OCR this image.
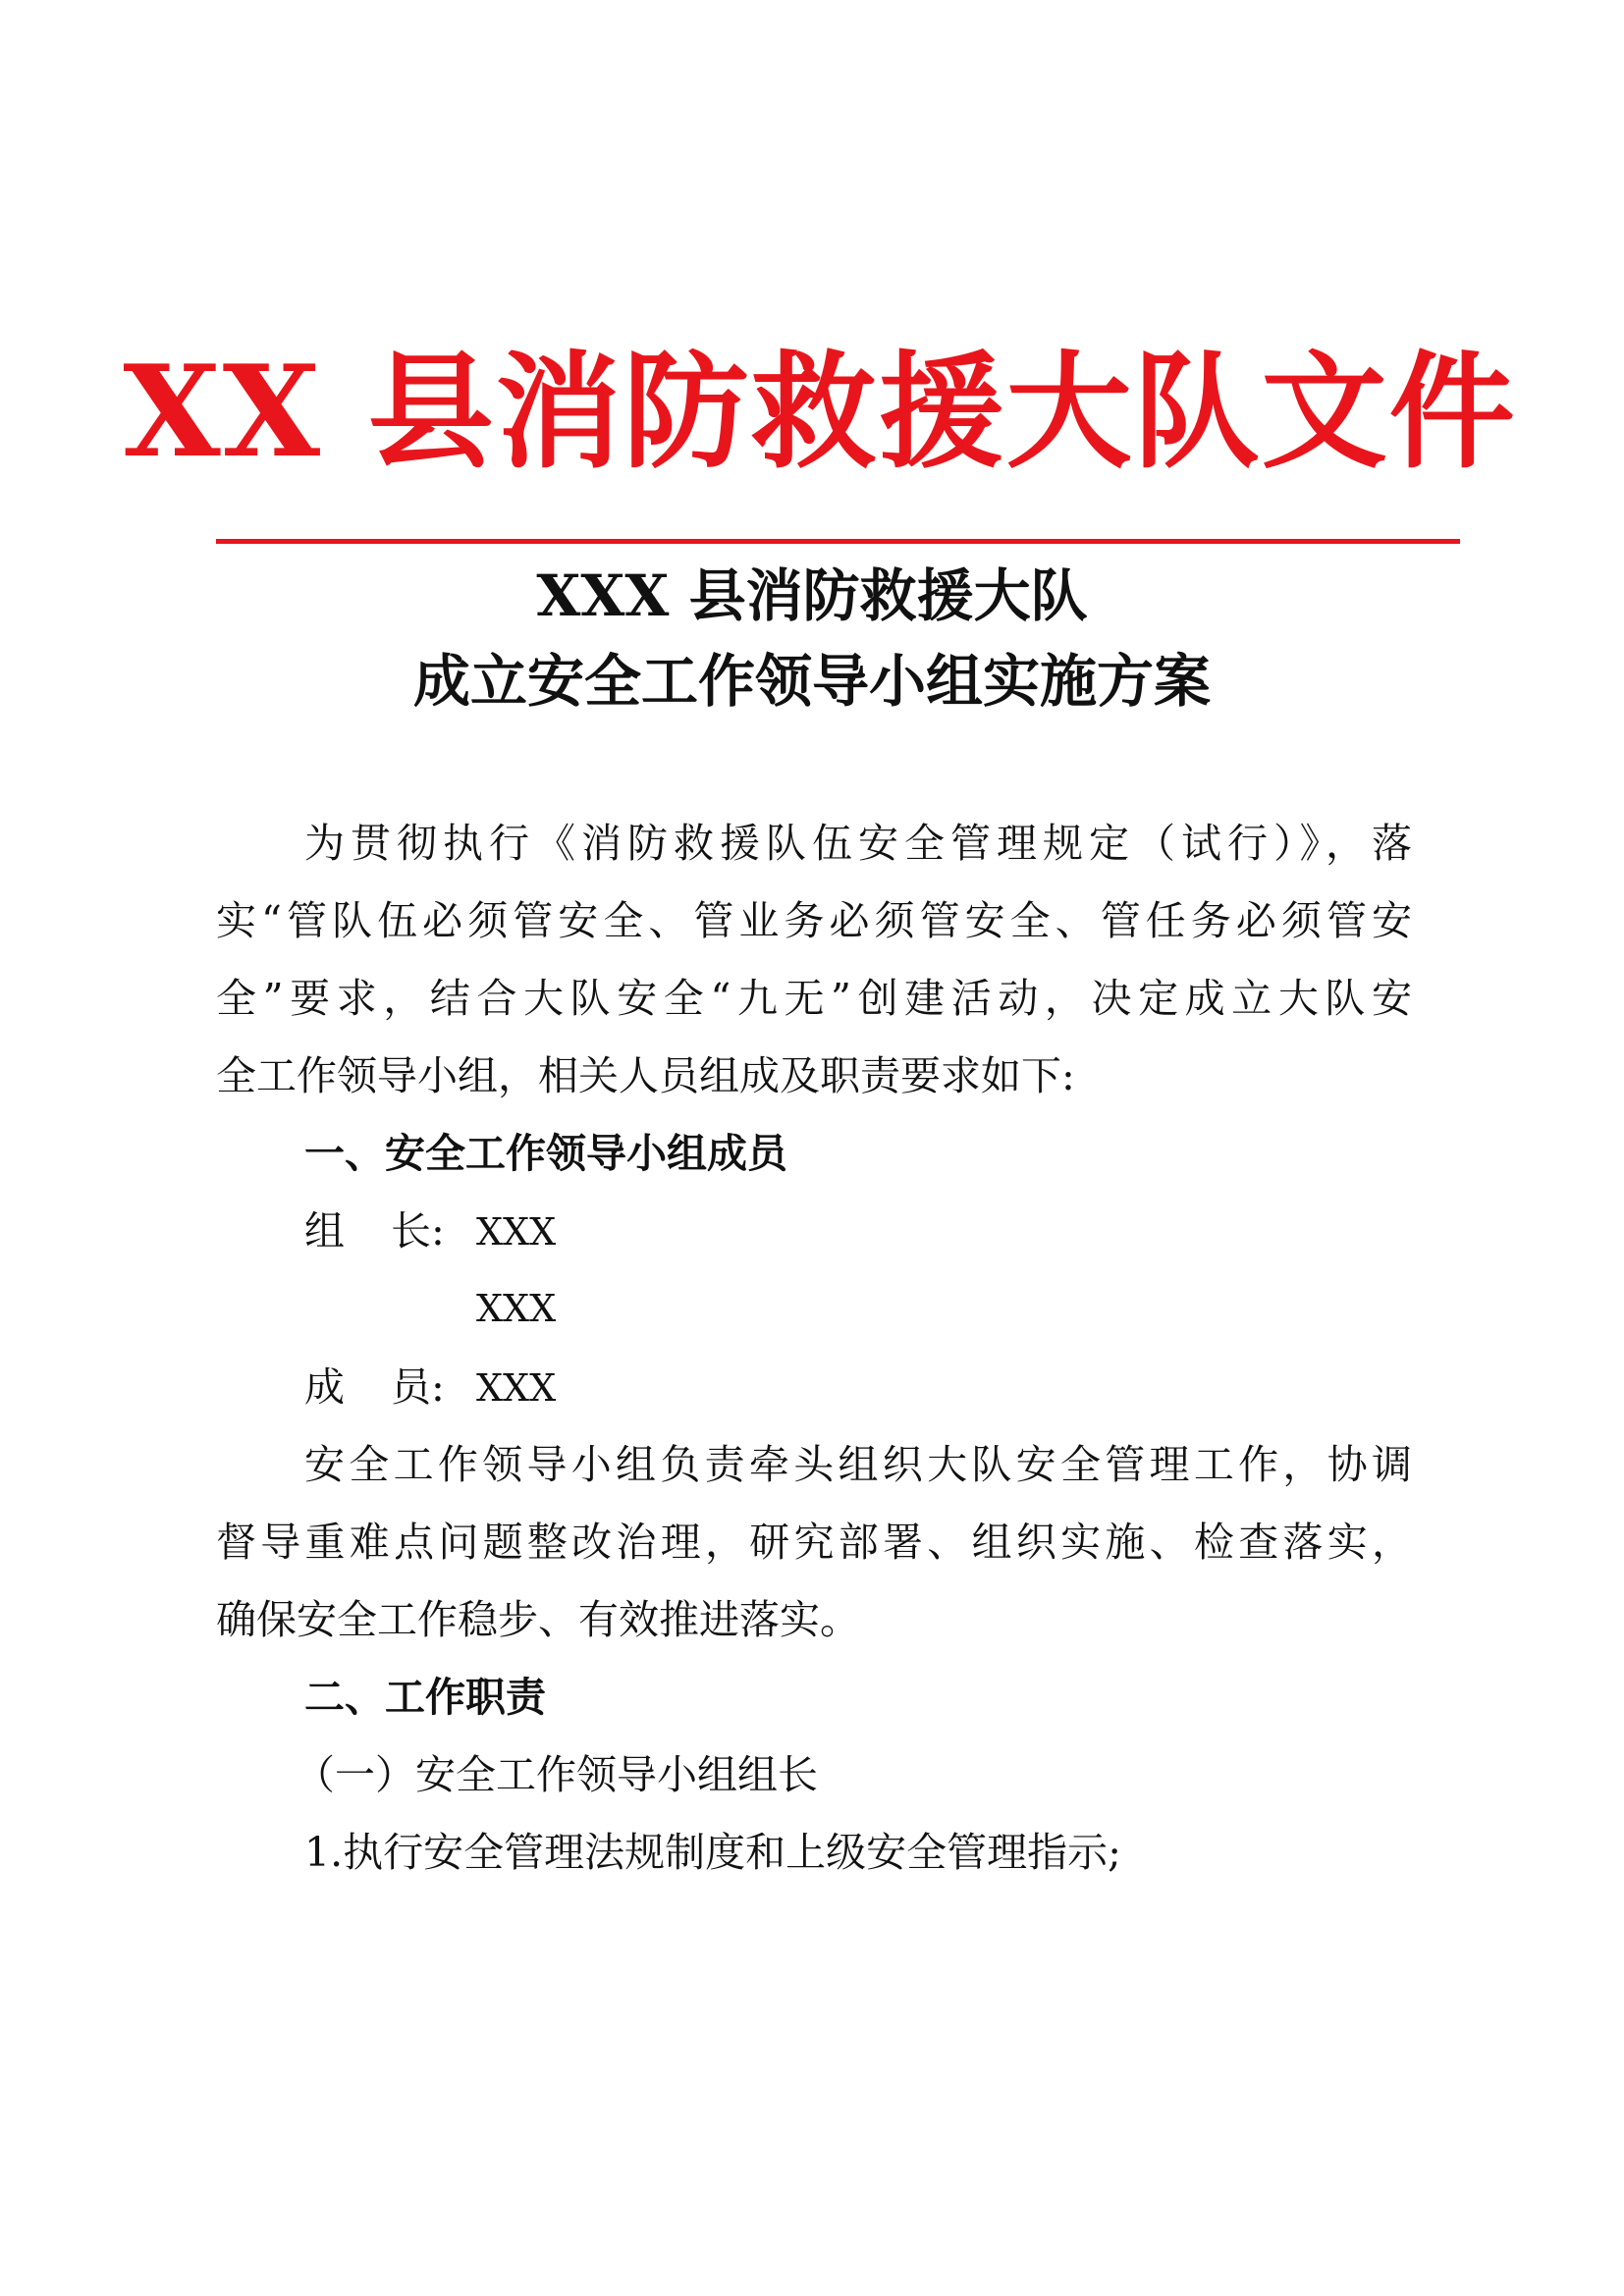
XX 县消防救援大队文件
XXX 县消防救援大队
成立安全工作领导小组实施方案
为贯彻执行《消防救援队伍安全管理规定（试行）》，落
实“管队伍必须管安全、管业务必须管安全、管任务必须管安
全”要求，结合大队安全“九无”创建活动，决定成立大队安
全工作领导小组，相关人员组成及职责要求如下:
一、安全工作领导小组成员
组 长: XXX
XXX
成 员: XXX
安全工作领导小组负责牵头组织大队安全管理工作，协调
督导重难点问题整改治理，研究部署、组织实施、检查落实，
确保安全工作稳步、有效推进落实。
二、工作职责
（一）安全工作领导小组组长
1.执行安全管理法规制度和上级安全管理指示;
